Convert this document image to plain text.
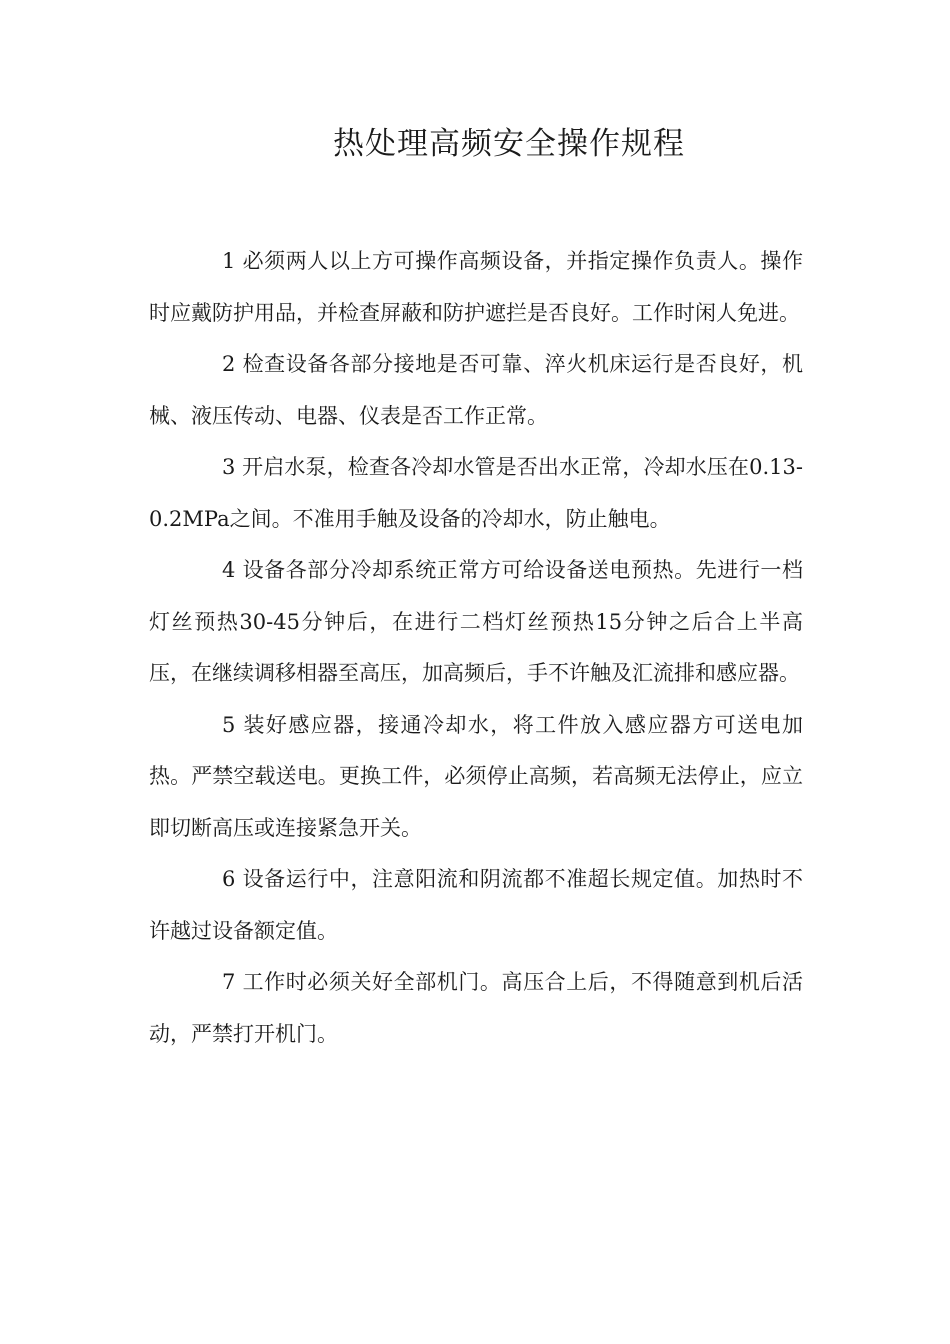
热处理高频安全操作规程

1 必须两人以上方可操作高频设备，并指定操作负责人。操作时应戴防护用品，并检查屏蔽和防护遮拦是否良好。工作时闲人免进。

2 检查设备各部分接地是否可靠、淬火机床运行是否良好，机械、液压传动、电器、仪表是否工作正常。

3 开启水泵，检查各冷却水管是否出水正常，冷却水压在0.13-0.2MPa之间。不准用手触及设备的冷却水，防止触电。

4 设备各部分冷却系统正常方可给设备送电预热。先进行一档灯丝预热30-45分钟后，在进行二档灯丝预热15分钟之后合上半高压，在继续调移相器至高压，加高频后，手不许触及汇流排和感应器。

5 装好感应器，接通冷却水，将工件放入感应器方可送电加热。严禁空载送电。更换工件，必须停止高频，若高频无法停止，应立即切断高压或连接紧急开关。

6 设备运行中，注意阳流和阴流都不准超长规定值。加热时不许越过设备额定值。

7 工作时必须关好全部机门。高压合上后，不得随意到机后活动，严禁打开机门。
